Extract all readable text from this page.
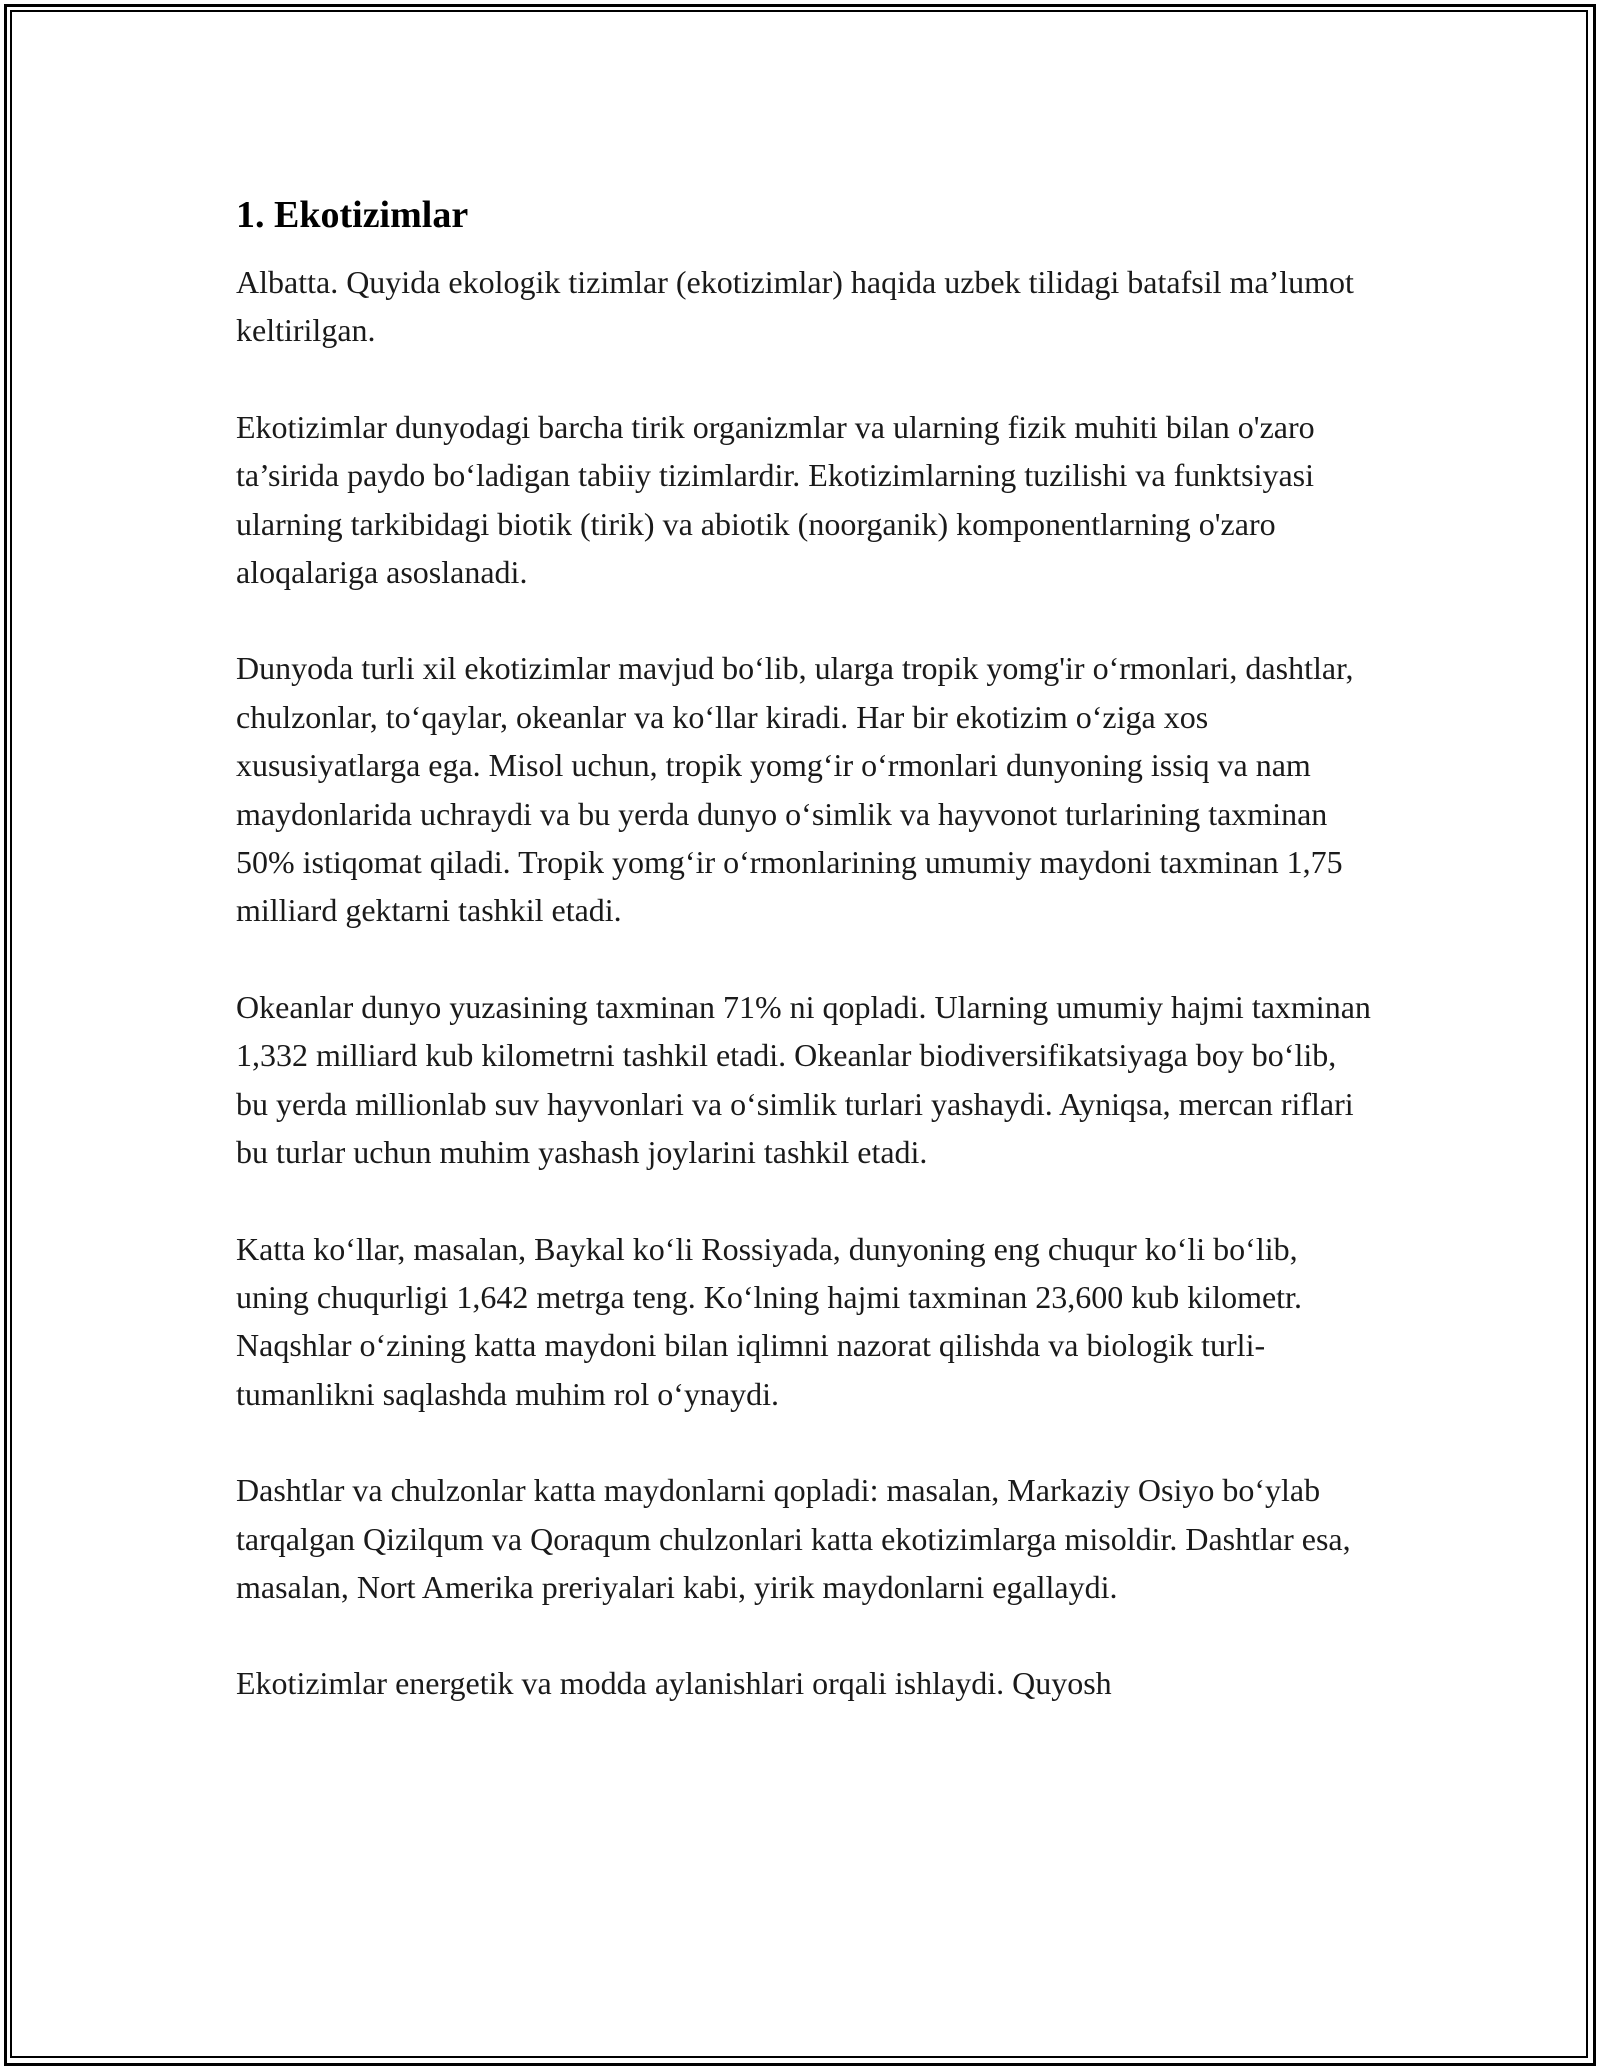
1. Ekotizimlar

Albatta. Quyida ekologik tizimlar (ekotizimlar) haqida uzbek tilidagi batafsil ma’lumot keltirilgan.

Ekotizimlar dunyodagi barcha tirik organizmlar va ularning fizik muhiti bilan o'zaro ta’sirida paydo bo‘ladigan tabiiy tizimlardir. Ekotizimlarning tuzilishi va funktsiyasi ularning tarkibidagi biotik (tirik) va abiotik (noorganik) komponentlarning o'zaro aloqalariga asoslanadi.

Dunyoda turli xil ekotizimlar mavjud bo‘lib, ularga tropik yomg'ir o‘rmonlari, dashtlar, chulzonlar, to‘qaylar, okeanlar va ko‘llar kiradi. Har bir ekotizim o‘ziga xos xususiyatlarga ega. Misol uchun, tropik yomg‘ir o‘rmonlari dunyoning issiq va nam maydonlarida uchraydi va bu yerda dunyo o‘simlik va hayvonot turlarining taxminan 50% istiqomat qiladi. Tropik yomg‘ir o‘rmonlarining umumiy maydoni taxminan 1,75 milliard gektarni tashkil etadi.

Okeanlar dunyo yuzasining taxminan 71% ni qopladi. Ularning umumiy hajmi taxminan 1,332 milliard kub kilometrni tashkil etadi. Okeanlar biodiversifikatsiyaga boy bo‘lib, bu yerda millionlab suv hayvonlari va o‘simlik turlari yashaydi. Ayniqsa, mercan riflari bu turlar uchun muhim yashash joylarini tashkil etadi.

Katta ko‘llar, masalan, Baykal ko‘li Rossiyada, dunyoning eng chuqur ko‘li bo‘lib, uning chuqurligi 1,642 metrga teng. Ko‘lning hajmi taxminan 23,600 kub kilometr. Naqshlar o‘zining katta maydoni bilan iqlimni nazorat qilishda va biologik turli-tumanlikni saqlashda muhim rol o‘ynaydi.

Dashtlar va chulzonlar katta maydonlarni qopladi: masalan, Markaziy Osiyo bo‘ylab tarqalgan Qizilqum va Qoraqum chulzonlari katta ekotizimlarga misoldir. Dashtlar esa, masalan, Nort Amerika preriyalari kabi, yirik maydonlarni egallaydi.

Ekotizimlar energetik va modda aylanishlari orqali ishlaydi. Quyosh
